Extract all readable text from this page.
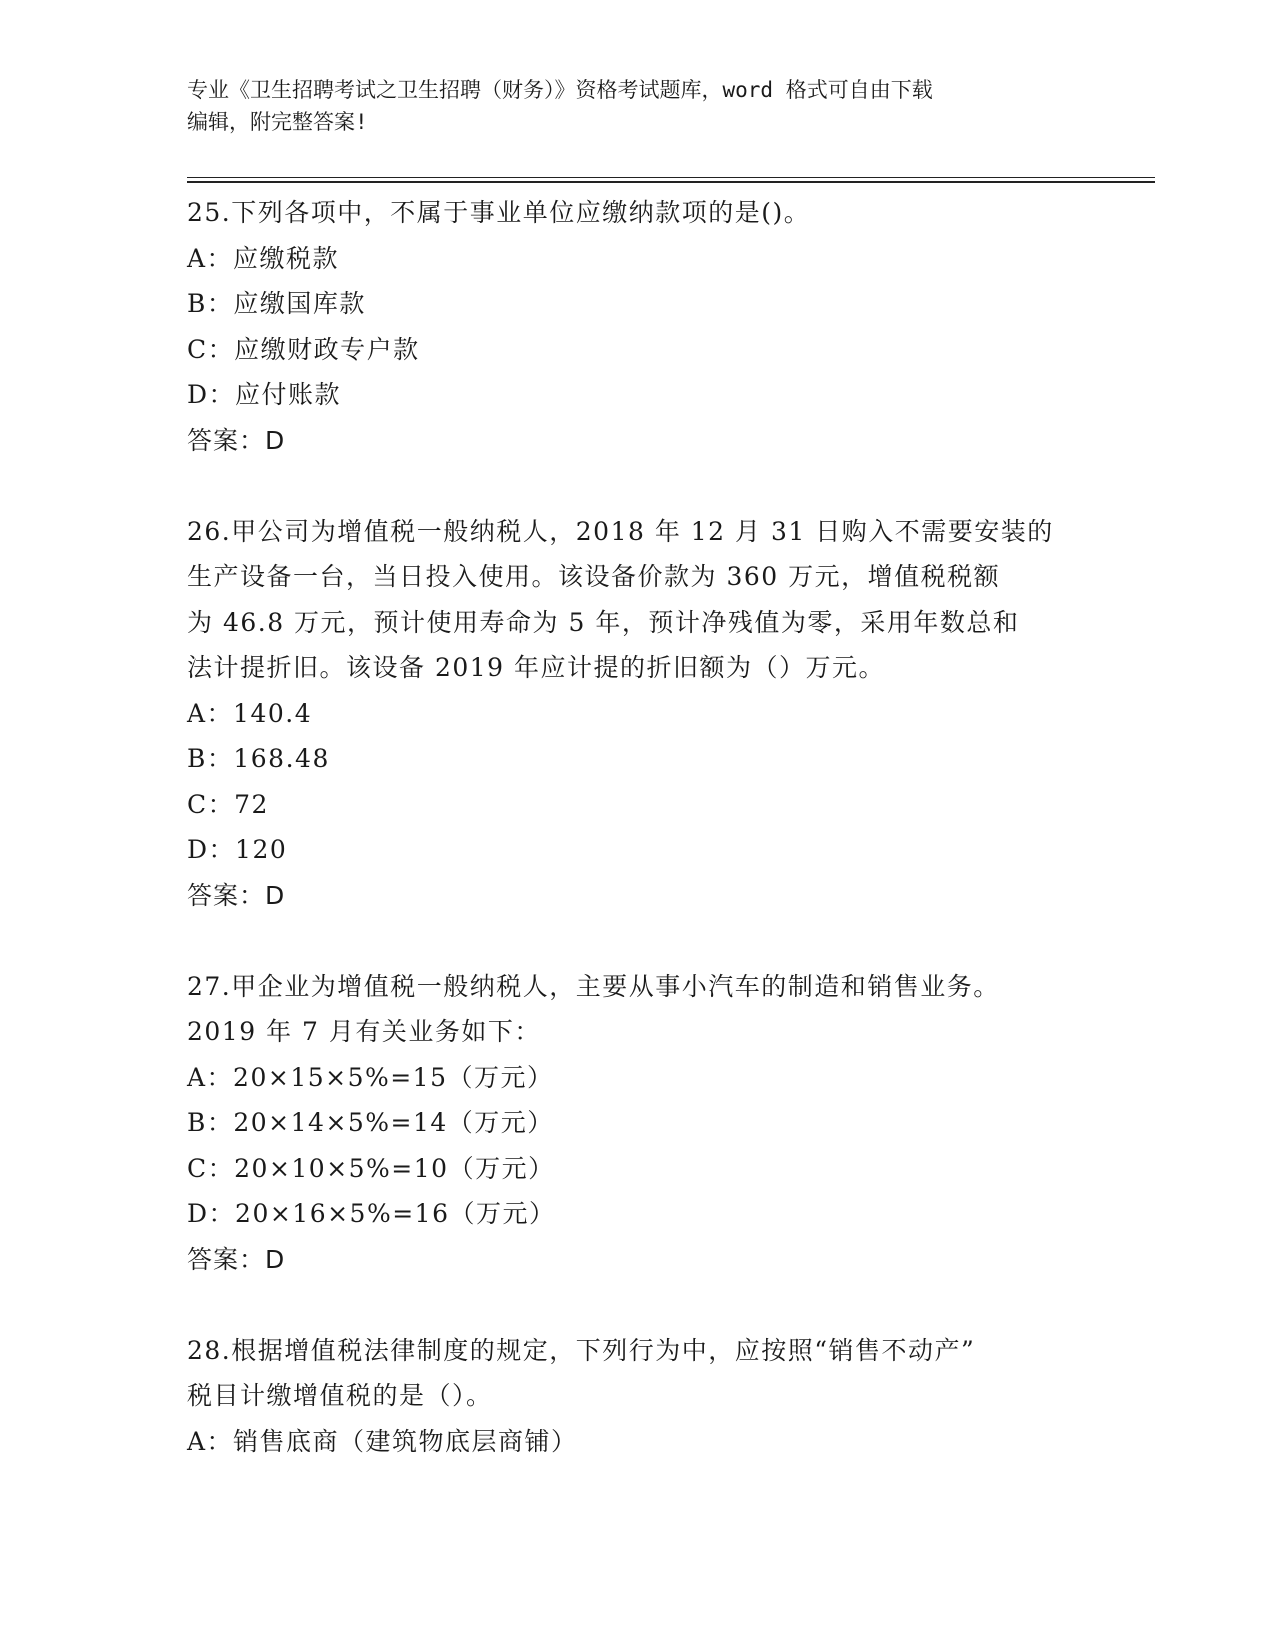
专业《卫生招聘考试之卫生招聘（财务）》资格考试题库，word 格式可自由下载
编辑，附完整答案!
25.下列各项中，不属于事业单位应缴纳款项的是()。
A：应缴税款
B：应缴国库款
C：应缴财政专户款
D：应付账款
答案：D
26.甲公司为增值税一般纳税人，2018 年 12 月 31 日购入不需要安装的
生产设备一台，当日投入使用。该设备价款为 360 万元，增值税税额
为 46.8 万元，预计使用寿命为 5 年，预计净残值为零，采用年数总和
法计提折旧。该设备 2019 年应计提的折旧额为（）万元。
A：140.4
B：168.48
C：72
D：120
答案：D
27.甲企业为增值税一般纳税人，主要从事小汽车的制造和销售业务。
2019 年 7 月有关业务如下：
A：20×15×5%=15（万元）
B：20×14×5%=14（万元）
C：20×10×5%=10（万元）
D：20×16×5%=16（万元）
答案：D
28.根据增值税法律制度的规定，下列行为中，应按照“销售不动产”
税目计缴增值税的是（）。
A：销售底商（建筑物底层商铺）
